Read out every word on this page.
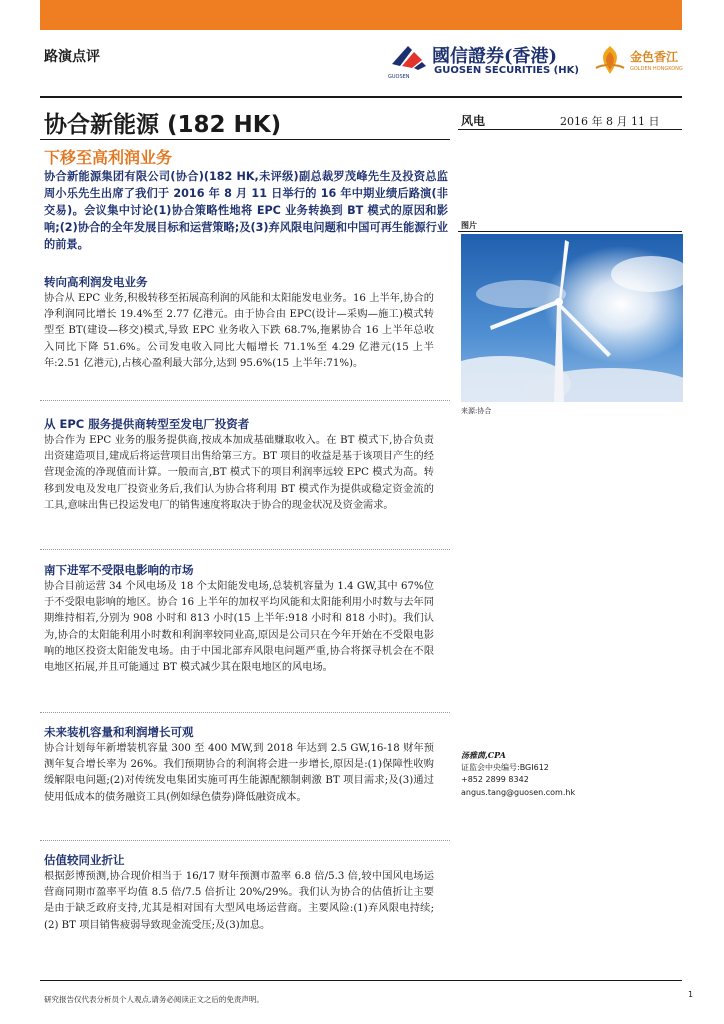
路演点评
GUOSEN
國信證券(香港)
GUOSEN SECURITIES (HK)
金色香江
GOLDEN HONGKONG
协合新能源 (182 HK)	风电	2016 年 8 月 11 日
下移至高利润业务

协合新能源集团有限公司(协合)(182 HK,未评级)副总裁罗茂峰先生及投资总监周小乐先生出席了我们于 2016 年 8 月 11 日举行的 16 年中期业绩后路演(非交易)。会议集中讨论(1)协合策略性地将 EPC 业务转换到 BT 模式的原因和影响;(2)协合的全年发展目标和运营策略;及(3)弃风限电问题和中国可再生能源行业的前景。

转向高利润发电业务

协合从 EPC 业务,积极转移至拓展高利润的风能和太阳能发电业务。16 上半年,协合的净利润同比增长 19.4%至 2.77 亿港元。由于协合由 EPC(设计—采购—施工)模式转型至 BT(建设—移交)模式,导致 EPC 业务收入下跌 68.7%,拖累协合 16 上半年总收入同比下降 51.6%。公司发电收入同比大幅增长 71.1%至 4.29 亿港元(15 上半年:2.51 亿港元),占核心盈利最大部分,达到 95.6%(15 上半年:71%)。

从 EPC 服务提供商转型至发电厂投资者

协合作为 EPC 业务的服务提供商,按成本加成基础赚取收入。在 BT 模式下,协合负责出资建造项目,建成后将运营项目出售给第三方。BT 项目的收益是基于该项目产生的经营现金流的净现值而计算。一般而言,BT 模式下的项目利润率远较 EPC 模式为高。转移到发电及发电厂投资业务后,我们认为协合将利用 BT 模式作为提供或稳定资金流的工具,意味出售已投运发电厂的销售速度将取决于协合的现金状况及资金需求。

南下进军不受限电影响的市场

协合目前运营 34 个风电场及 18 个太阳能发电场,总装机容量为 1.4 GW,其中 67%位于不受限电影响的地区。协合 16 上半年的加权平均风能和太阳能利用小时数与去年同期维持相若,分别为 908 小时和 813 小时(15 上半年:918 小时和 818 小时)。我们认为,协合的太阳能利用小时数和利润率较同业高,原因是公司只在今年开始在不受限电影响的地区投资太阳能发电场。由于中国北部弃风限电问题严重,协合将探寻机会在不限电地区拓展,并且可能通过 BT 模式减少其在限电地区的风电场。

未来装机容量和利润增长可观

协合计划每年新增装机容量 300 至 400 MW,到 2018 年达到 2.5 GW,16-18 财年预测年复合增长率为 26%。我们预期协合的利润将会进一步增长,原因是:(1)保障性收购缓解限电问题;(2)对传统发电集团实施可再生能源配额制刺激 BT 项目需求;及(3)通过使用低成本的债务融资工具(例如绿色债券)降低融资成本。

估值较同业折让

根据彭博预测,协合现价相当于 16/17 财年预测市盈率 6.8 倍/5.3 倍,较中国风电场运营商同期市盈率平均值 8.5 倍/7.5 倍折让 20%/29%。我们认为协合的估值折让主要是由于缺乏政府支持,尤其是相对国有大型风电场运营商。主要风险:(1)弃风限电持续;(2) BT 项目销售疲弱导致现金流受压;及(3)加息。

图片
来源:协合
汤雅茵,CPA
证监会中央编号:BGI612
+852 2899 8342
angus.tang@guosen.com.hk
研究报告仅代表分析员个人观点,请务必阅读正文之后的免责声明。
1
